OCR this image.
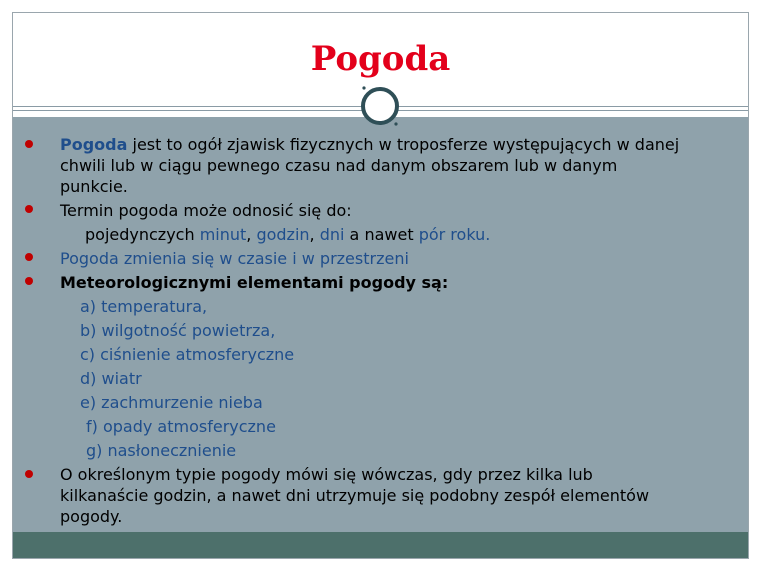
Pogoda
Pogoda jest to ogół zjawisk fizycznych w troposferze występujących w danej
chwili lub w ciągu pewnego czasu nad danym obszarem lub w danym
punkcie.
Termin pogoda może odnosić się do:
pojedynczych minut, godzin, dni a nawet pór roku.
Pogoda zmienia się w czasie i w przestrzeni
Meteorologicznymi elementami pogody są:
a) temperatura,
b) wilgotność powietrza,
c) ciśnienie atmosferyczne
d) wiatr
e) zachmurzenie nieba
f) opady atmosferyczne
g) nasłonecznienie
O określonym typie pogody mówi się wówczas, gdy przez kilka lub
kilkanaście godzin, a nawet dni utrzymuje się podobny zespół elementów
pogody.
